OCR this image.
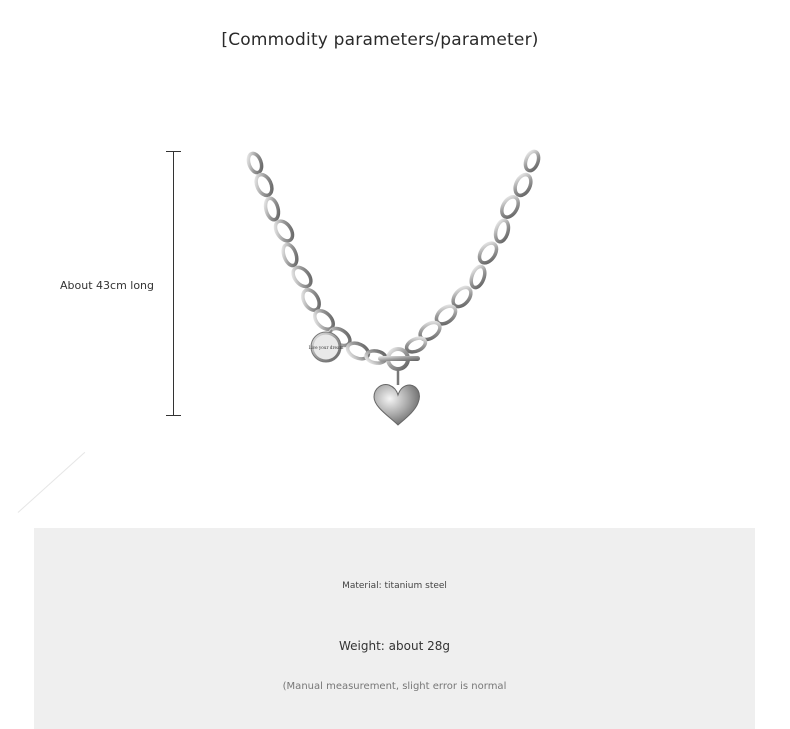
[Commodity parameters/parameter)
About 43cm long
Live your dream
Material: titanium steel
Weight: about 28g
(Manual measurement, slight error is normal
